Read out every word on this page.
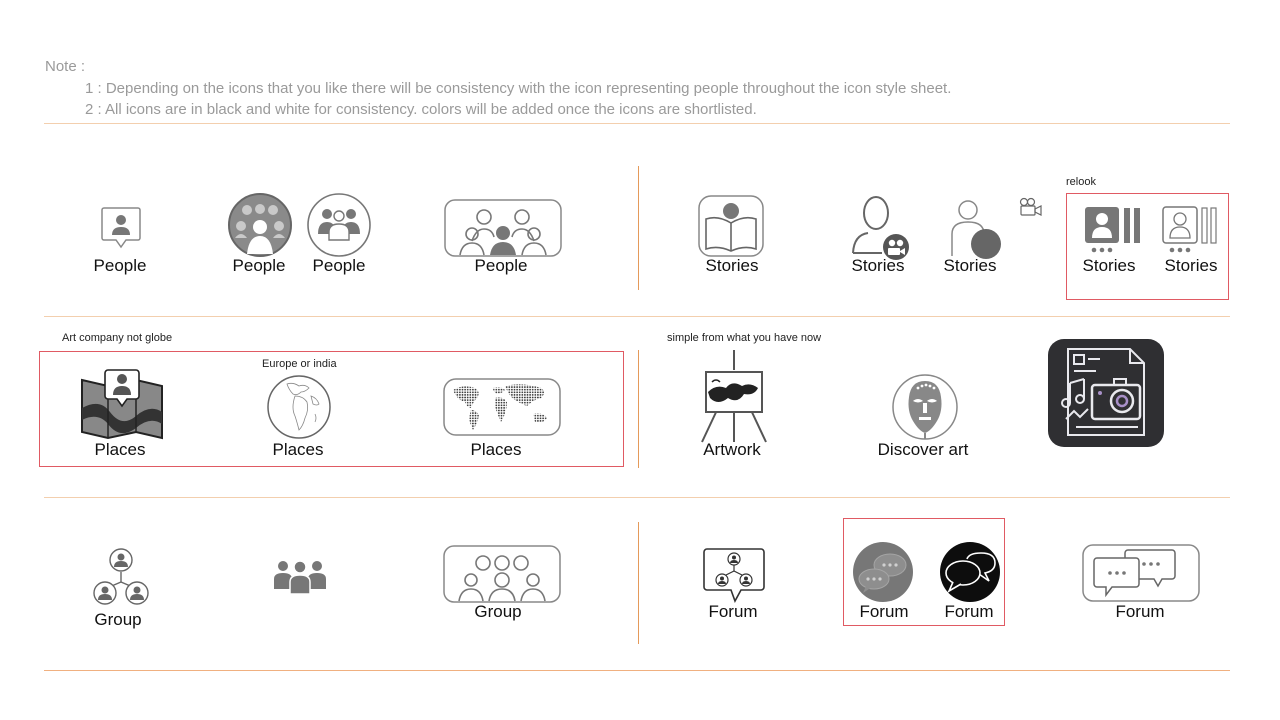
Note :
1 : Depending on the icons that you like there will be consistency with the icon representing people throughout the icon style sheet.
2 : All icons are in black and white for consistency. colors will be added once the icons are shortlisted.
relook
Art company not globe
Europe or india
simple from what you have now
People	People People	People	Stories	Stories Stories	Stories Stories
Places	Places	Places	Artwork	Discover art
Group	Group	Forum	Forum Forum	Forum
